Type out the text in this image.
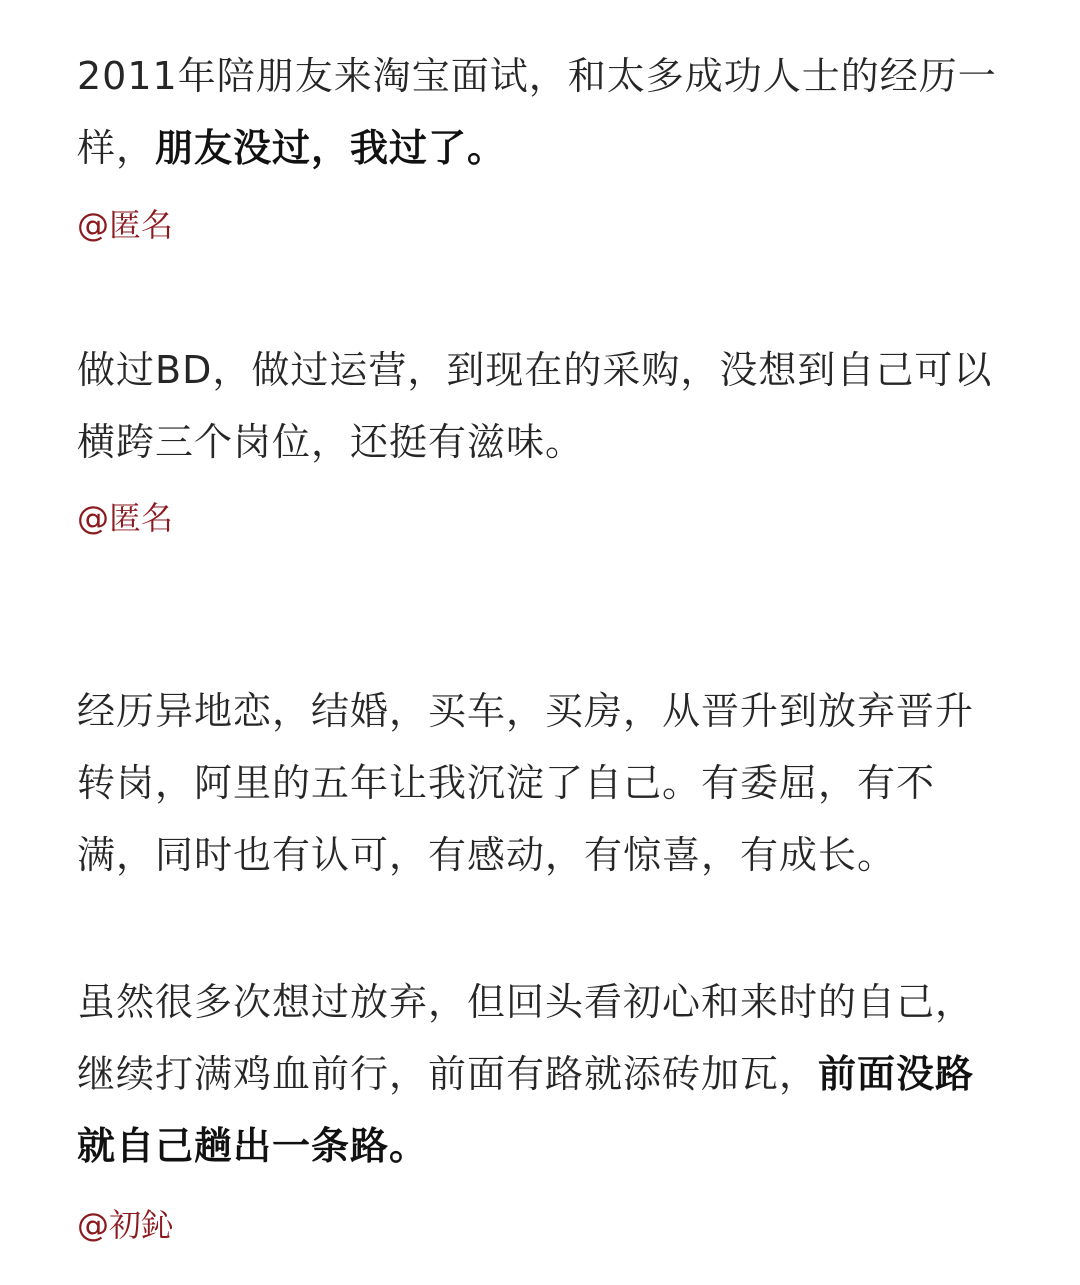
2011年陪朋友来淘宝面试，和太多成功人士的经历一样，朋友没过，我过了。

@匿名

做过BD，做过运营，到现在的采购，没想到自己可以横跨三个岗位，还挺有滋味。

@匿名

经历异地恋，结婚，买车，买房，从晋升到放弃晋升转岗，阿里的五年让我沉淀了自己。有委屈，有不满，同时也有认可，有感动，有惊喜，有成长。

虽然很多次想过放弃，但回头看初心和来时的自己，继续打满鸡血前行，前面有路就添砖加瓦，前面没路就自己趟出一条路。

@初鈊
